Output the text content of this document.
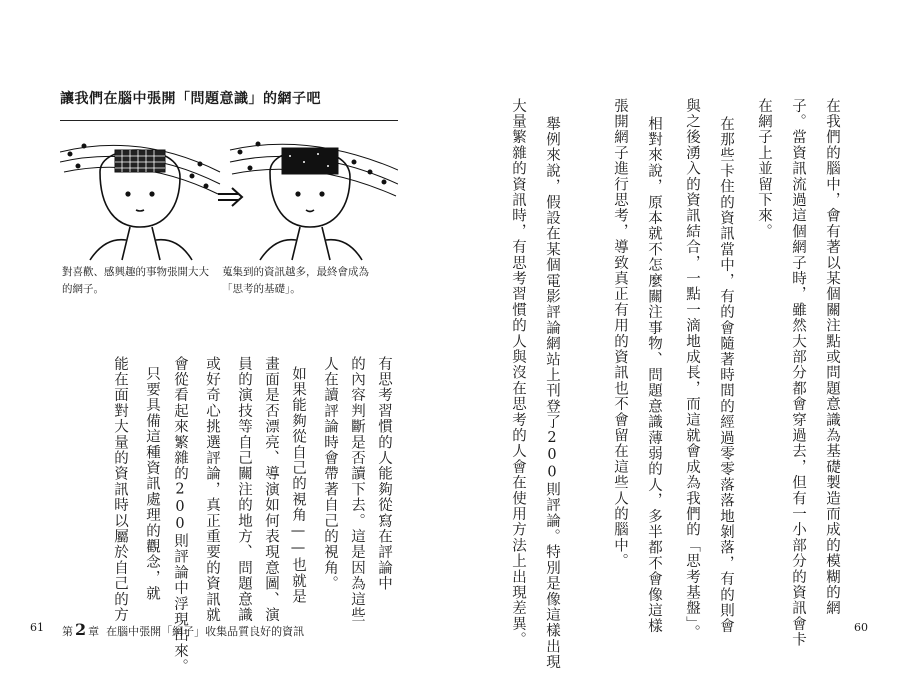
讓我們在腦中張開「問題意識」的網子吧
對喜歡、感興趣的事物張開大大的網子。
蒐集到的資訊越多，最終會成為「思考的基礎」。
有思考習慣的人能夠從寫在評論中
的內容判斷是否讀下去。這是因為這些
人在讀評論時會帶著自己的視角。
如果能夠從自己的視角——也就是
畫面是否漂亮、導演如何表現意圖、演
員的演技等自己關注的地方、問題意識
或好奇心挑選評論，真正重要的資訊就
會從看起來繁雜的200則評論中浮現出來。
只要具備這種資訊處理的觀念，就
能在面對大量的資訊時以屬於自己的方
61 第 2 章 在腦中張開「網子」收集品質良好的資訊
在我們的腦中，會有著以某個關注點或問題意識為基礎製造而成的模糊的網
子。當資訊流過這個網子時，雖然大部分都會穿過去，但有一小部分的資訊會卡
在網子上並留下來。
在那些卡住的資訊當中，有的會隨著時間的經過零零落落地剝落，有的則會
與之後湧入的資訊結合，一點一滴地成長，而這就會成為我們的「思考基盤」。
相對來說，原本就不怎麼關注事物、問題意識薄弱的人，多半都不會像這樣
張開網子進行思考，導致真正有用的資訊也不會留在這些人的腦中。
舉例來說，假設在某個電影評論網站上刊登了200則評論。特別是像這樣出現
大量繁雜的資訊時，有思考習慣的人與沒在思考的人會在使用方法上出現差異。	60
